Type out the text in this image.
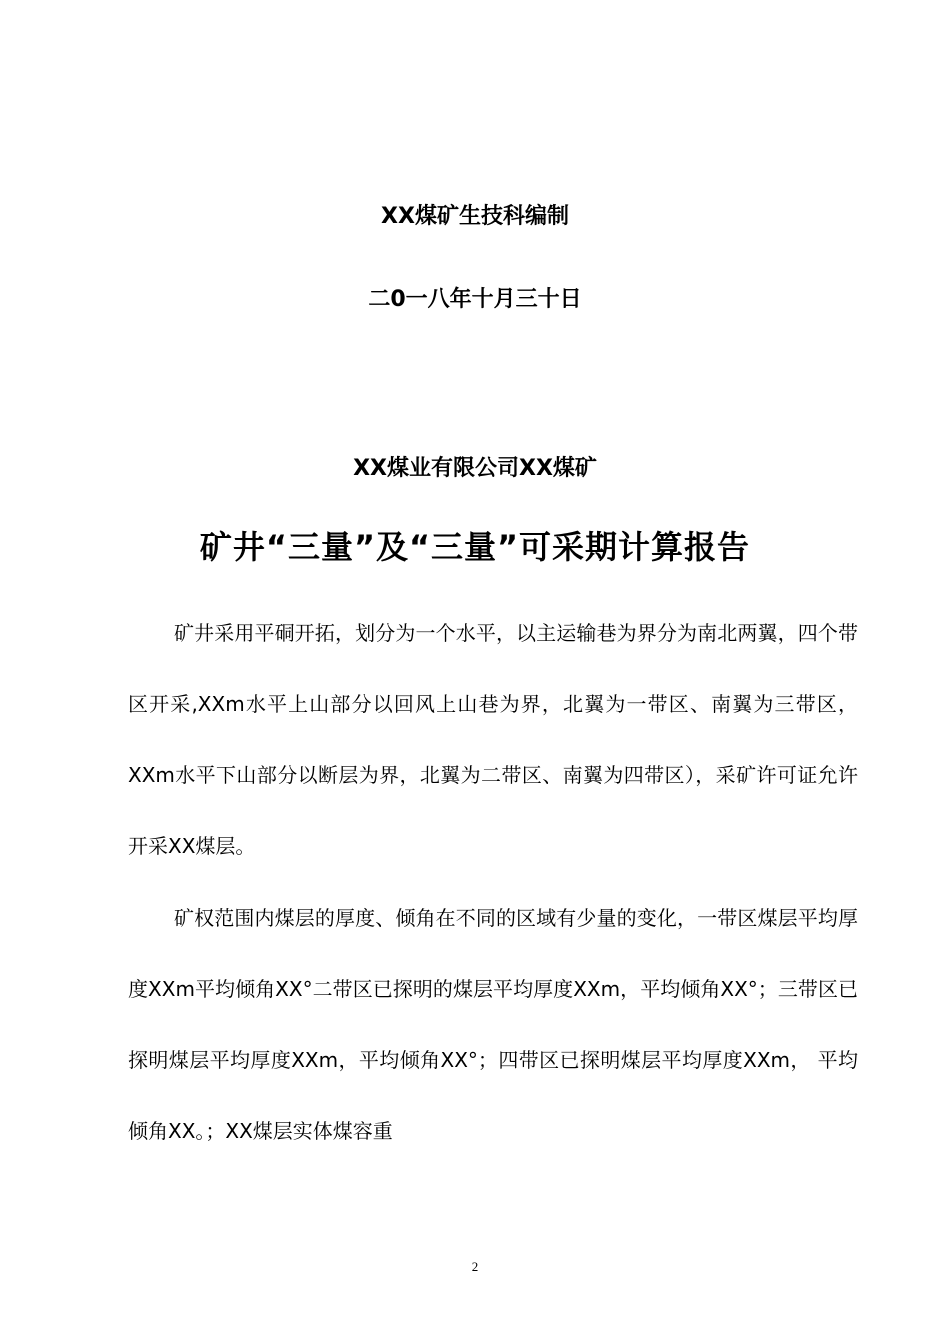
XX煤矿生技科编制
二0一八年十月三十日
XX煤业有限公司XX煤矿
矿井“三量”及“三量”可采期计算报告

矿井采用平硐开拓，划分为一个水平，以主运输巷为界分为南北两翼，四个带区开采,XXm水平上山部分以回风上山巷为界，北翼为一带区、南翼为三带区， XXm水平下山部分以断层为界，北翼为二带区、南翼为四带区），采矿许可证允许开采XX煤层。

矿权范围内煤层的厚度、倾角在不同的区域有少量的变化，一带区煤层平均厚度XXm平均倾角XX°二带区已探明的煤层平均厚度XXm，平均倾角XX°；三带区已探明煤层平均厚度XXm，平均倾角XX°；四带区已探明煤层平均厚度XXm， 平均倾角XX。；XX煤层实体煤容重

2
